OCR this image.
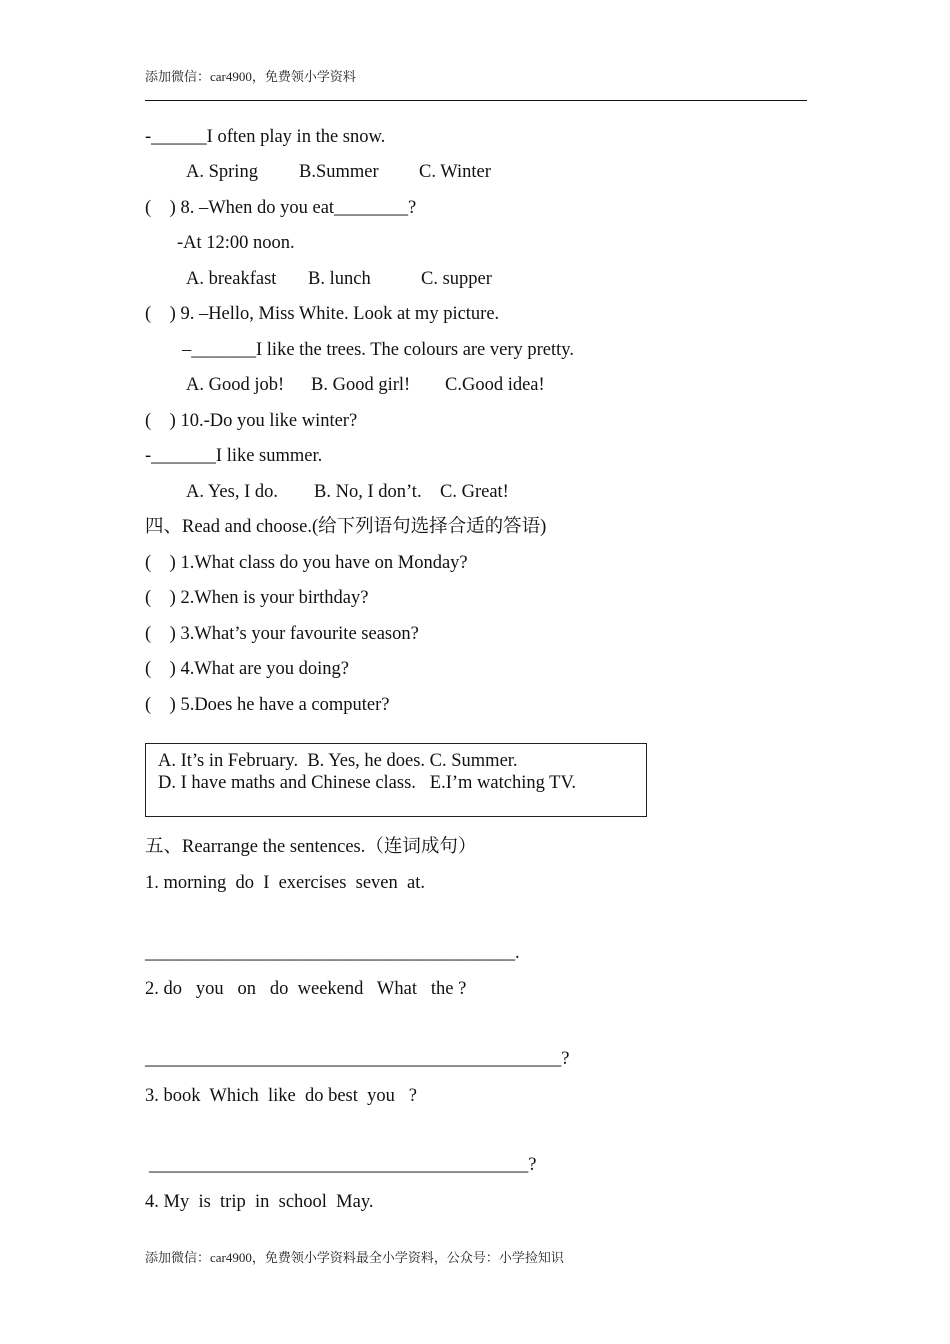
添加微信：car4900，免费领小学资料
-______I often play in the snow.
A. Spring B.Summer C. Winter
(    ) 8. –When do you eat________?
-At 12:00 noon.
A. breakfast B. lunch	C. supper
(    ) 9. –Hello, Miss White. Look at my picture.
–_______I like the trees. The colours are very pretty.
A. Good job! B. Good girl! C.Good idea!
(    ) 10.-Do you like winter?
-_______I like summer.
A. Yes, I do. B. No, I don’t. C. Great!
四、Read and choose.(给下列语句选择合适的答语)
(    ) 1.What class do you have on Monday?
(    ) 2.When is your birthday?
(    ) 3.What’s your favourite season?
(    ) 4.What are you doing?
(    ) 5.Does he have a computer?
A. It’s in February.  B. Yes, he does. C. Summer.
D. I have maths and Chinese class.   E.I’m watching TV.
五、Rearrange the sentences.（连词成句）
1. morning  do  I  exercises  seven  at.
________________________________________.
2. do   you   on   do  weekend   What   the ?
_____________________________________________?
3. book  Which  like  do best  you   ?
_________________________________________?
4. My  is  trip  in  school  May.
添加微信：car4900，免费领小学资料最全小学资料，公众号：小学捡知识
